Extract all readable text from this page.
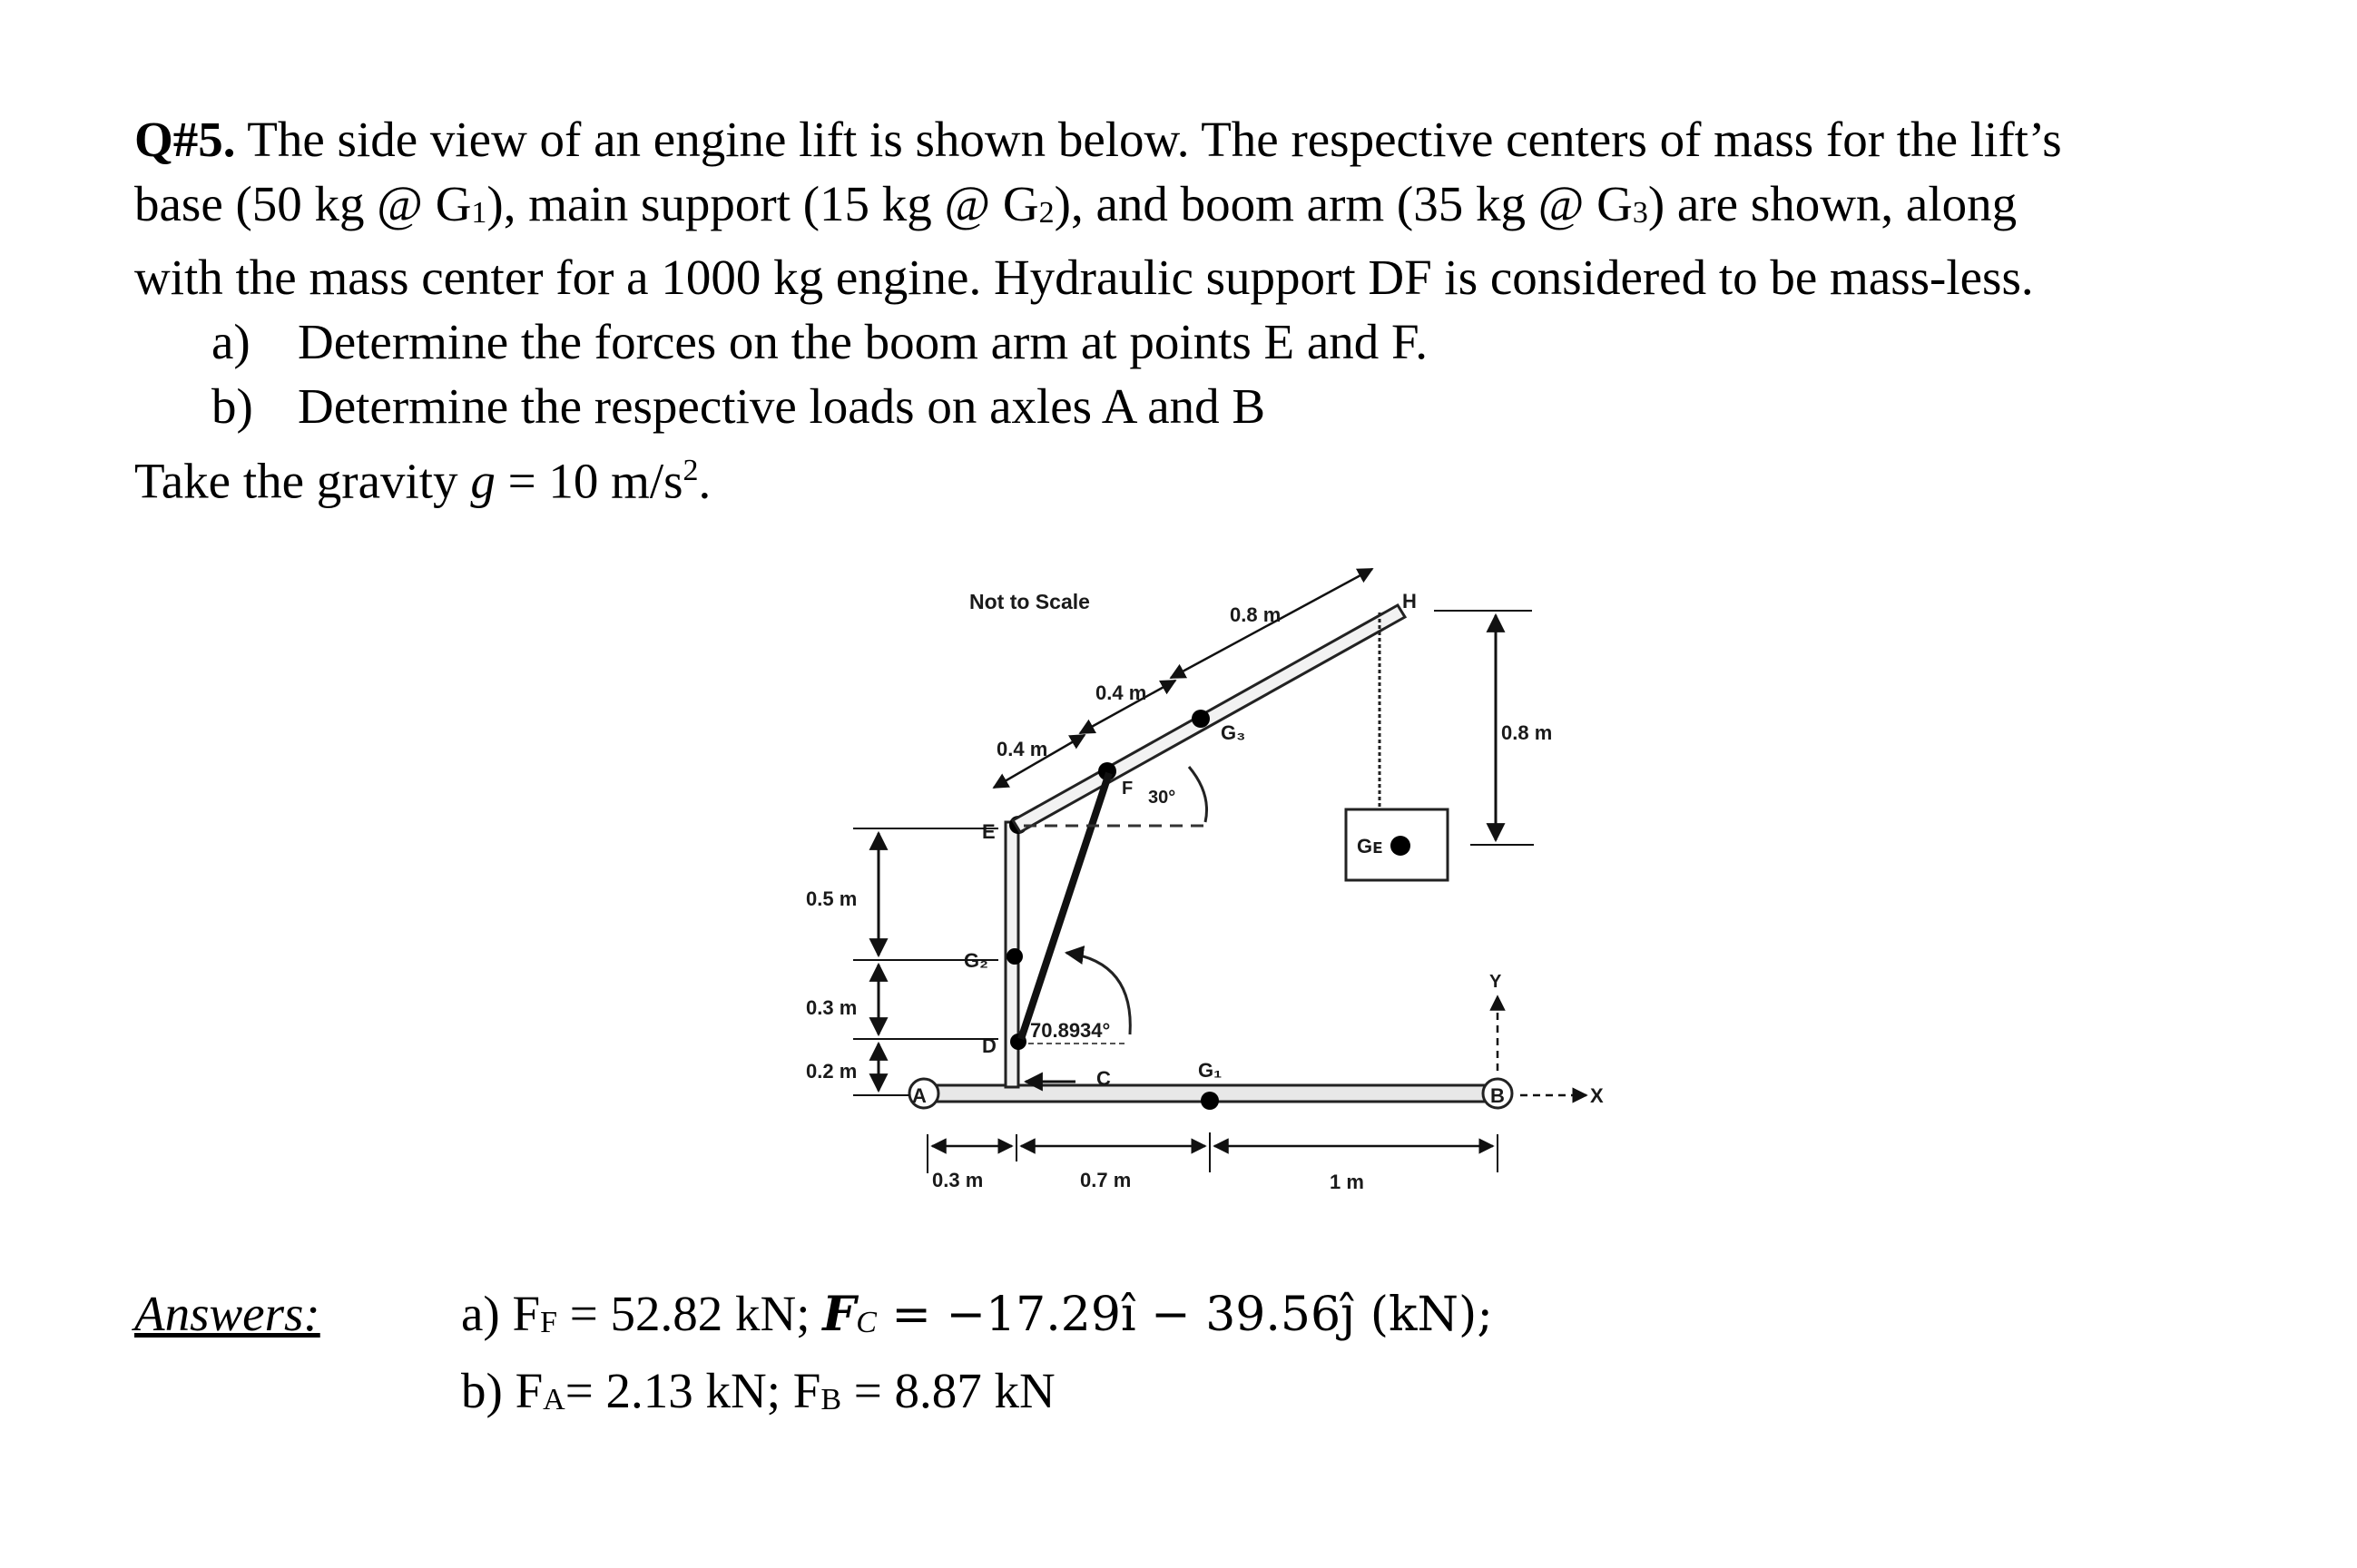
Q#5. The side view of an engine lift is shown below. The respective centers of mass for the lift’s

base (50 kg @ $G_1$), main support (15 kg @ $G_2$), and boom arm (35 kg @ $G_3$) are shown, along

with the mass center for a 1000 kg engine. Hydraulic support DF is considered to be mass-less.

a) Determine the forces on the boom arm at points E and F.

b) Determine the respective loads on axles A and B

Take the gravity g = 10 $m/s^2$.

A	B
E
G₂
D
F
G₃
H
30°
70.8934°
C	G₁
Gᴇ
0.8 m
0.8 m
0.4 m
0.4 m
Not to Scale
0.5 m
0.3 m
0.2 m
0.3 m	0.7 m	1 m
Y
X
Answers:	a) $F_F = 52.82$ kN; $F_C$ = −17.29î − 39.56ĵ (kN);
b) $F_A= 2.13$ kN; $F_B = 8.87$ kN
